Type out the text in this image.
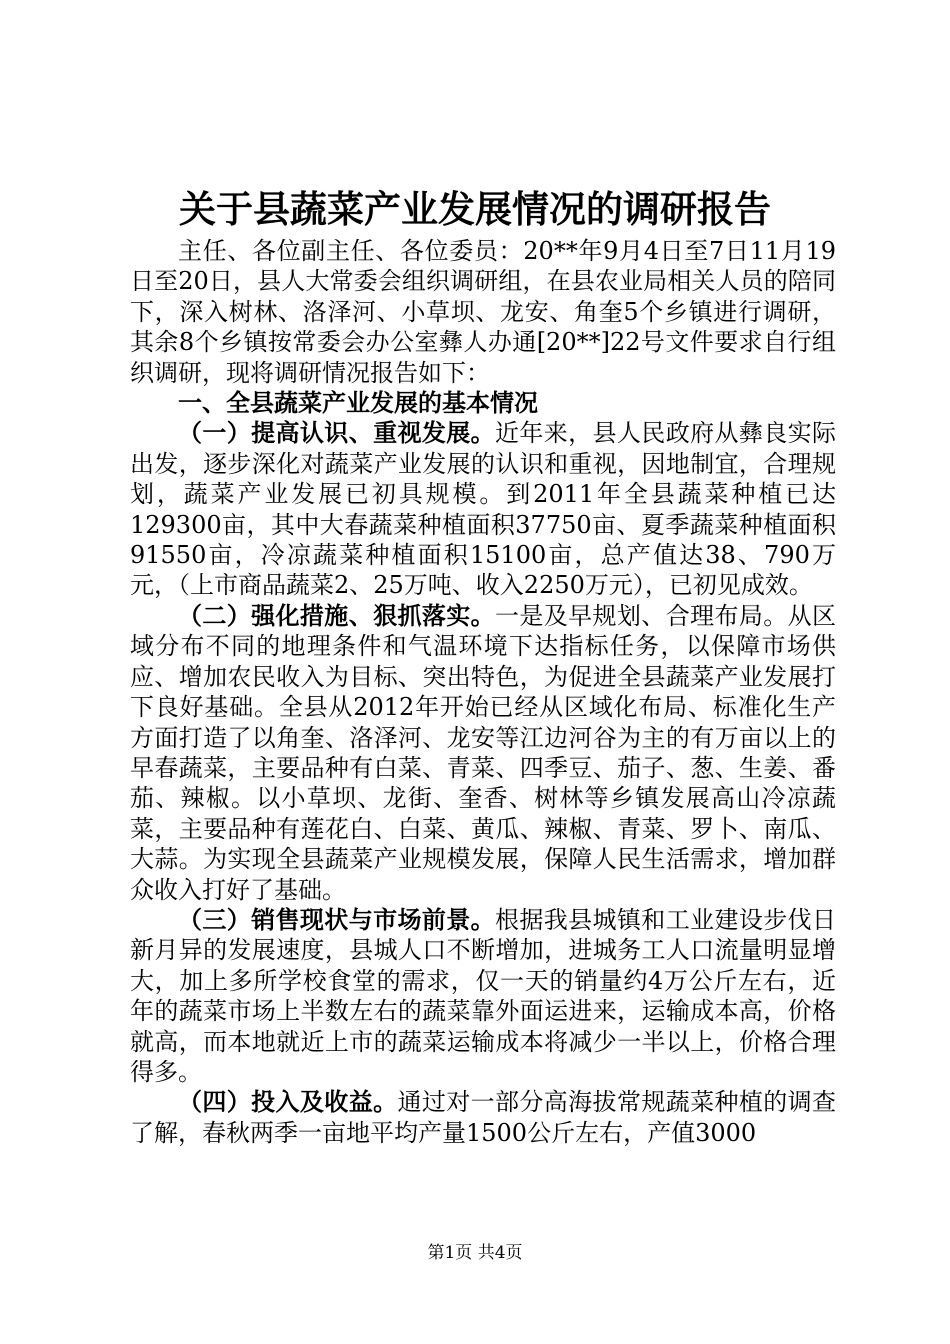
关于县蔬菜产业发展情况的调研报告

主任、各位副主任、各位委员：20**年9月4日至7日11月19日至20日，县人大常委会组织调研组，在县农业局相关人员的陪同下，深入树林、洛泽河、小草坝、龙安、角奎5个乡镇进行调研，其余8个乡镇按常委会办公室彝人办通[20**]22号文件要求自行组织调研，现将调研情况报告如下：

一、全县蔬菜产业发展的基本情况

（一）提高认识、重视发展。近年来，县人民政府从彝良实际出发，逐步深化对蔬菜产业发展的认识和重视，因地制宜，合理规划，蔬菜产业发展已初具规模。到2011年全县蔬菜种植已达129300亩，其中大春蔬菜种植面积37750亩、夏季蔬菜种植面积91550亩，冷凉蔬菜种植面积15100亩，总产值达38、790万元，（上市商品蔬菜2、25万吨、收入2250万元），已初见成效。

（二）强化措施、狠抓落实。一是及早规划、合理布局。从区域分布不同的地理条件和气温环境下达指标任务，以保障市场供应、增加农民收入为目标、突出特色，为促进全县蔬菜产业发展打下良好基础。全县从2012年开始已经从区域化布局、标准化生产方面打造了以角奎、洛泽河、龙安等江边河谷为主的有万亩以上的早春蔬菜，主要品种有白菜、青菜、四季豆、茄子、葱、生姜、番茄、辣椒。以小草坝、龙街、奎香、树林等乡镇发展高山冷凉蔬菜，主要品种有莲花白、白菜、黄瓜、辣椒、青菜、罗卜、南瓜、大蒜。为实现全县蔬菜产业规模发展，保障人民生活需求，增加群众收入打好了基础。

（三）销售现状与市场前景。根据我县城镇和工业建设步伐日新月异的发展速度，县城人口不断增加，进城务工人口流量明显增大，加上多所学校食堂的需求，仅一天的销量约4万公斤左右，近年的蔬菜市场上半数左右的蔬菜靠外面运进来，运输成本高，价格就高，而本地就近上市的蔬菜运输成本将减少一半以上，价格合理得多。

（四）投入及收益。通过对一部分高海拔常规蔬菜种植的调查了解，春秋两季一亩地平均产量1500公斤左右，产值3000

第1页 共4页
